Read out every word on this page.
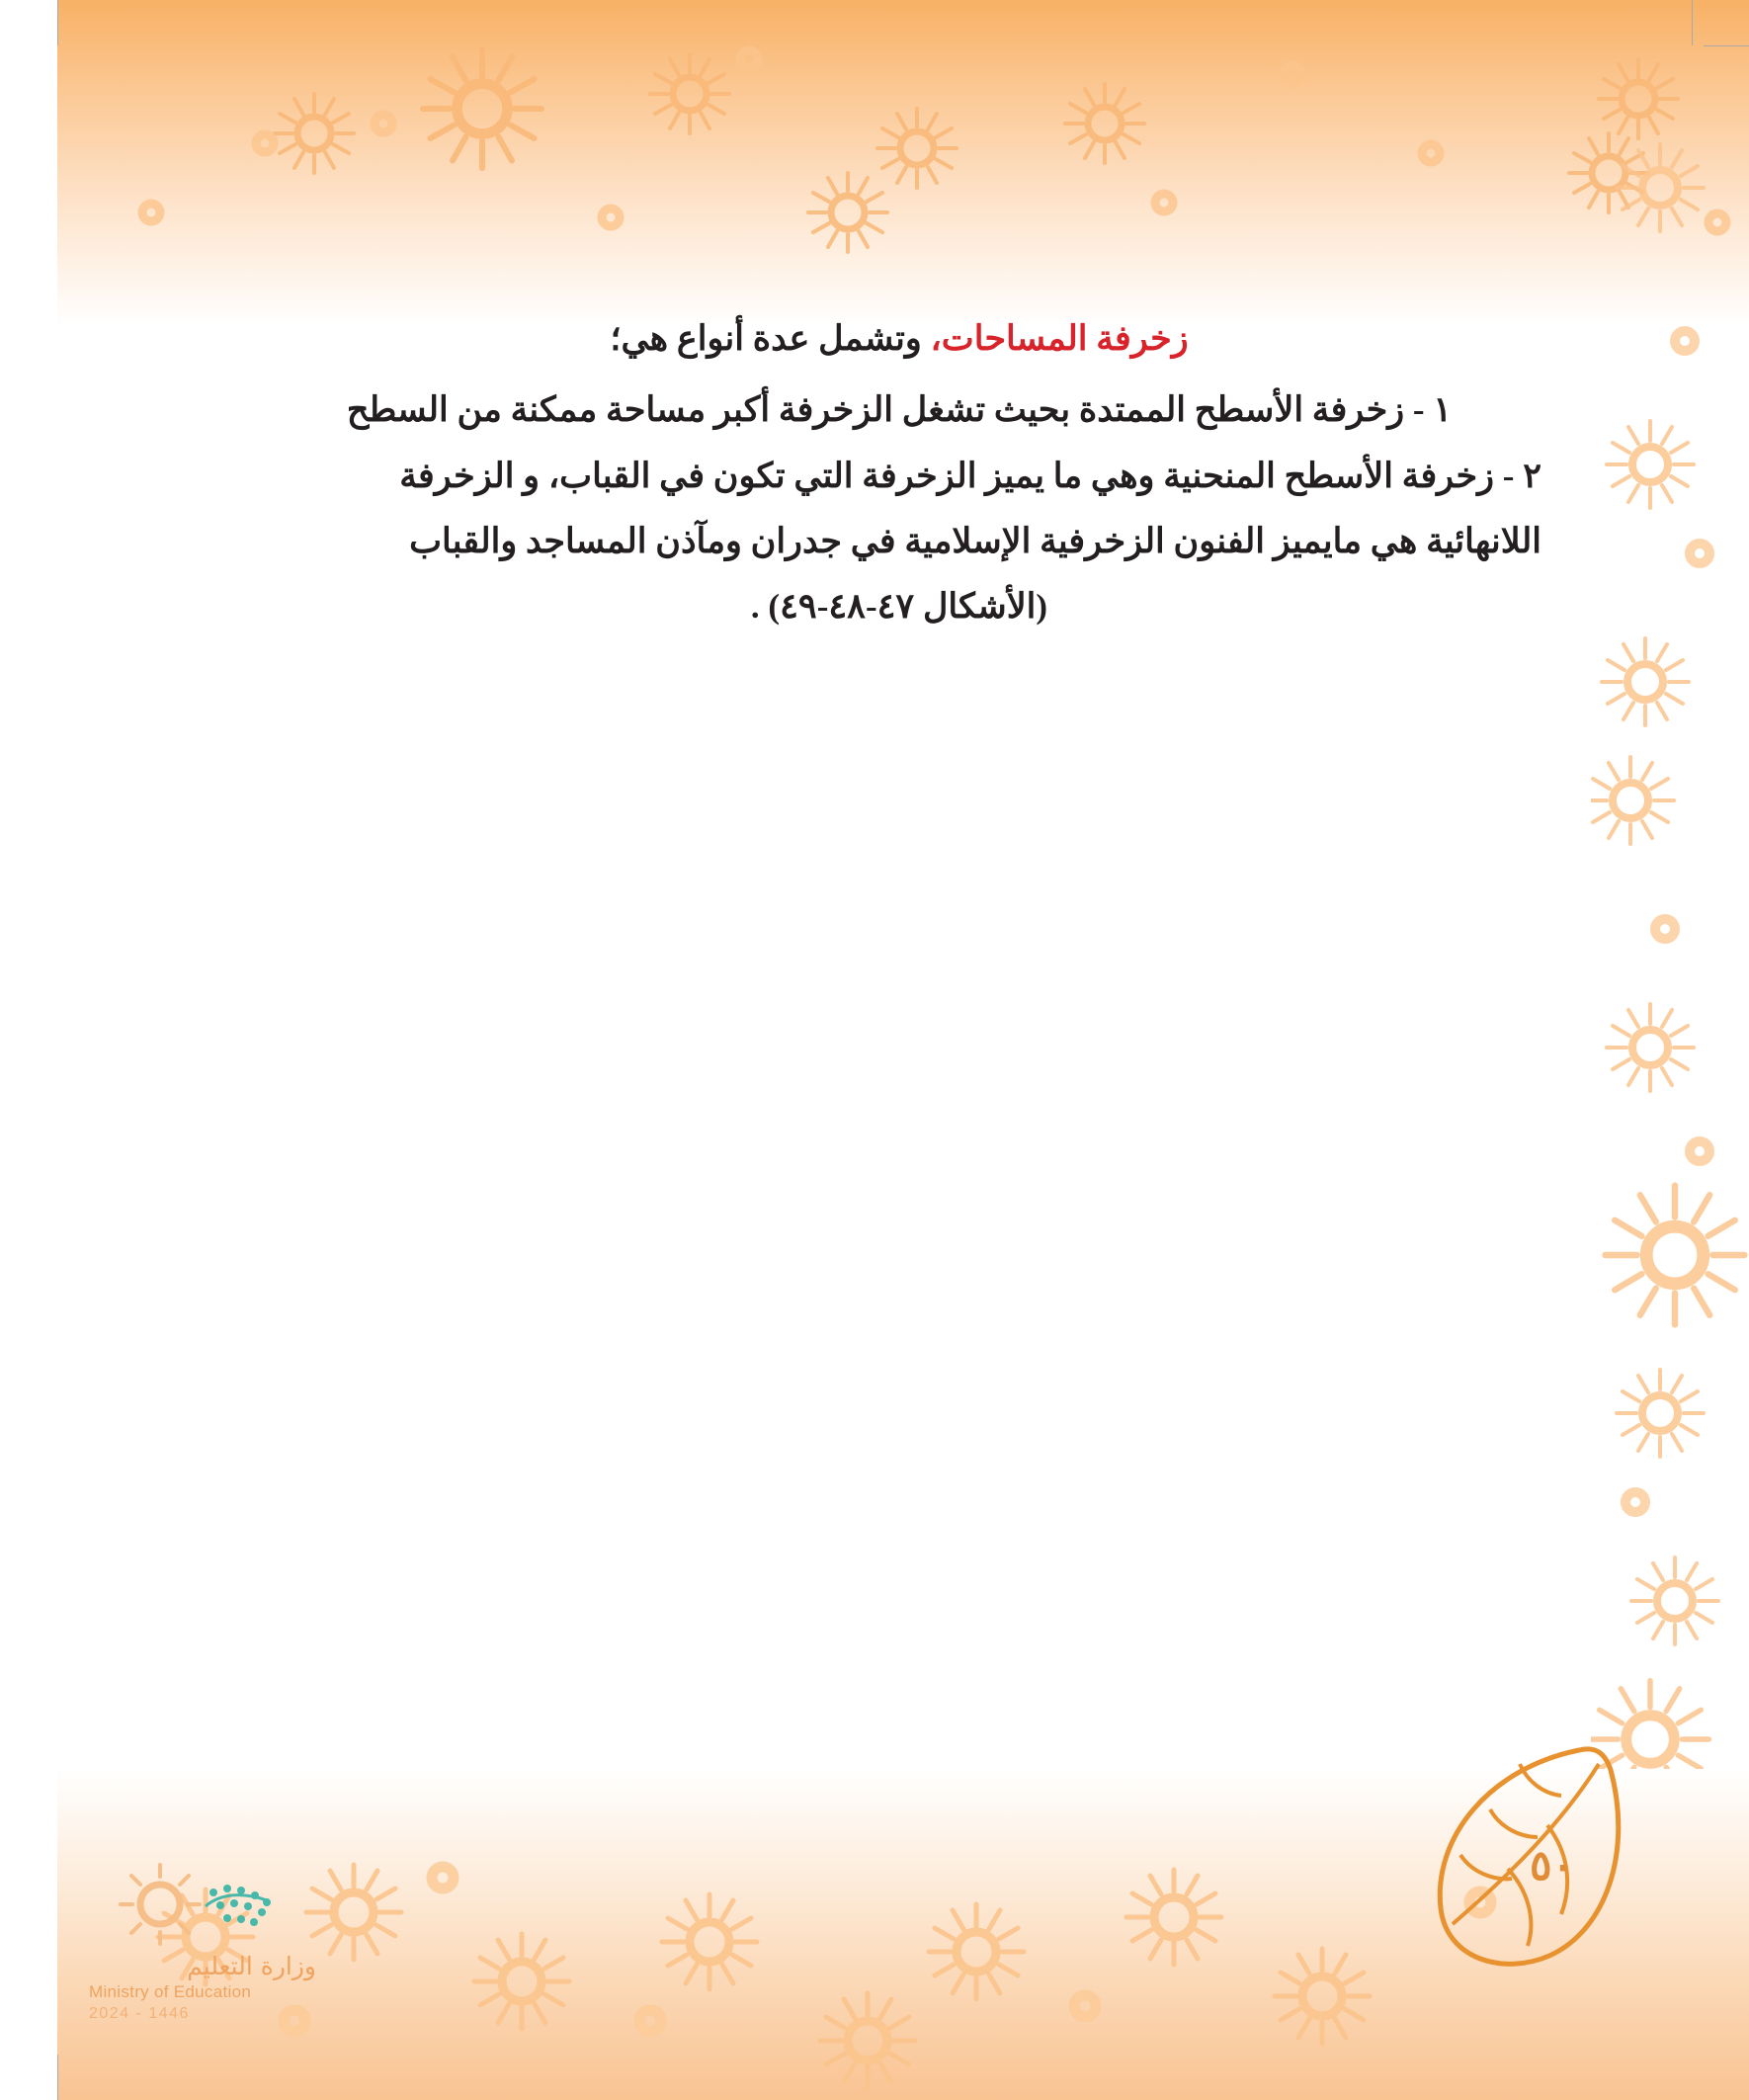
زخرفة المساحات، وتشمل عدة أنواع هي؛

١ - زخرفة الأسطح الممتدة بحيث تشغل الزخرفة أكبر مساحة ممكنة من السطح

٢ - زخرفة الأسطح المنحنية وهي ما يميز الزخرفة التي تكون في القباب، و الزخرفة

اللانهائية هي مايميز الفنون الزخرفية الإسلامية في جدران ومآذن المساجد والقباب

(الأشكال ٤٧-٤٨-٤٩) .

وزارة التعليم
Ministry of Education
2024 - 1446
٥٠
